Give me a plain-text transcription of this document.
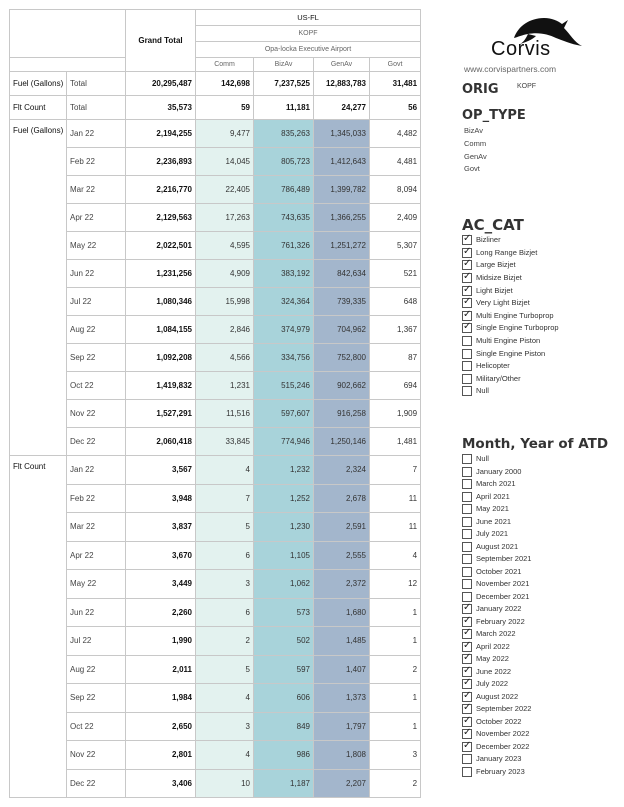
		Grand Total	US-FL			
			KOPF			
			Opa-locka Executive Airport			
			Comm	BizAv	GenAv	Govt
Fuel (Gallons)	Total	20,295,487	142,698	7,237,525	12,883,783	31,481
Flt Count	Total	35,573	59	11,181	24,277	56
Fuel (Gallons)	Jan 22	2,194,255	9,477	835,263	1,345,033	4,482
	Feb 22	2,236,893	14,045	805,723	1,412,643	4,481
	Mar 22	2,216,770	22,405	786,489	1,399,782	8,094
	Apr 22	2,129,563	17,263	743,635	1,366,255	2,409
	May 22	2,022,501	4,595	761,326	1,251,272	5,307
	Jun 22	1,231,256	4,909	383,192	842,634	521
	Jul 22	1,080,346	15,998	324,364	739,335	648
	Aug 22	1,084,155	2,846	374,979	704,962	1,367
	Sep 22	1,092,208	4,566	334,756	752,800	87
	Oct 22	1,419,832	1,231	515,246	902,662	694
	Nov 22	1,527,291	11,516	597,607	916,258	1,909
	Dec 22	2,060,418	33,845	774,946	1,250,146	1,481
Flt Count	Jan 22	3,567	4	1,232	2,324	7
	Feb 22	3,948	7	1,252	2,678	11
	Mar 22	3,837	5	1,230	2,591	11
	Apr 22	3,670	6	1,105	2,555	4
	May 22	3,449	3	1,062	2,372	12
	Jun 22	2,260	6	573	1,680	1
	Jul 22	1,990	2	502	1,485	1
	Aug 22	2,011	5	597	1,407	2
	Sep 22	1,984	4	606	1,373	1
	Oct 22	2,650	3	849	1,797	1
	Nov 22	2,801	4	986	1,808	3
	Dec 22	3,406	10	1,187	2,207	2
Corvis
www.corvispartners.com
ORIG	KOPF
OP_TYPE
BizAv
Comm
GenAv
Govt
AC_CAT
✓
Bizliner
✓
Long Range Bizjet
✓
Large Bizjet
✓
Midsize Bizjet
✓
Light Bizjet
✓
Very Light Bizjet
✓
Multi Engine Turboprop
✓
Single Engine Turboprop
Multi Engine Piston
Single Engine Piston
Helicopter
Military/Other
Null
Month, Year of ATD
Null
January 2000
March 2021
April 2021
May 2021
June 2021
July 2021
August 2021
September 2021
October 2021
November 2021
December 2021
✓
January 2022
✓
February 2022
✓
March 2022
✓
April 2022
✓
May 2022
✓
June 2022
✓
July 2022
✓
August 2022
✓
September 2022
✓
October 2022
✓
November 2022
✓
December 2022
January 2023
February 2023
